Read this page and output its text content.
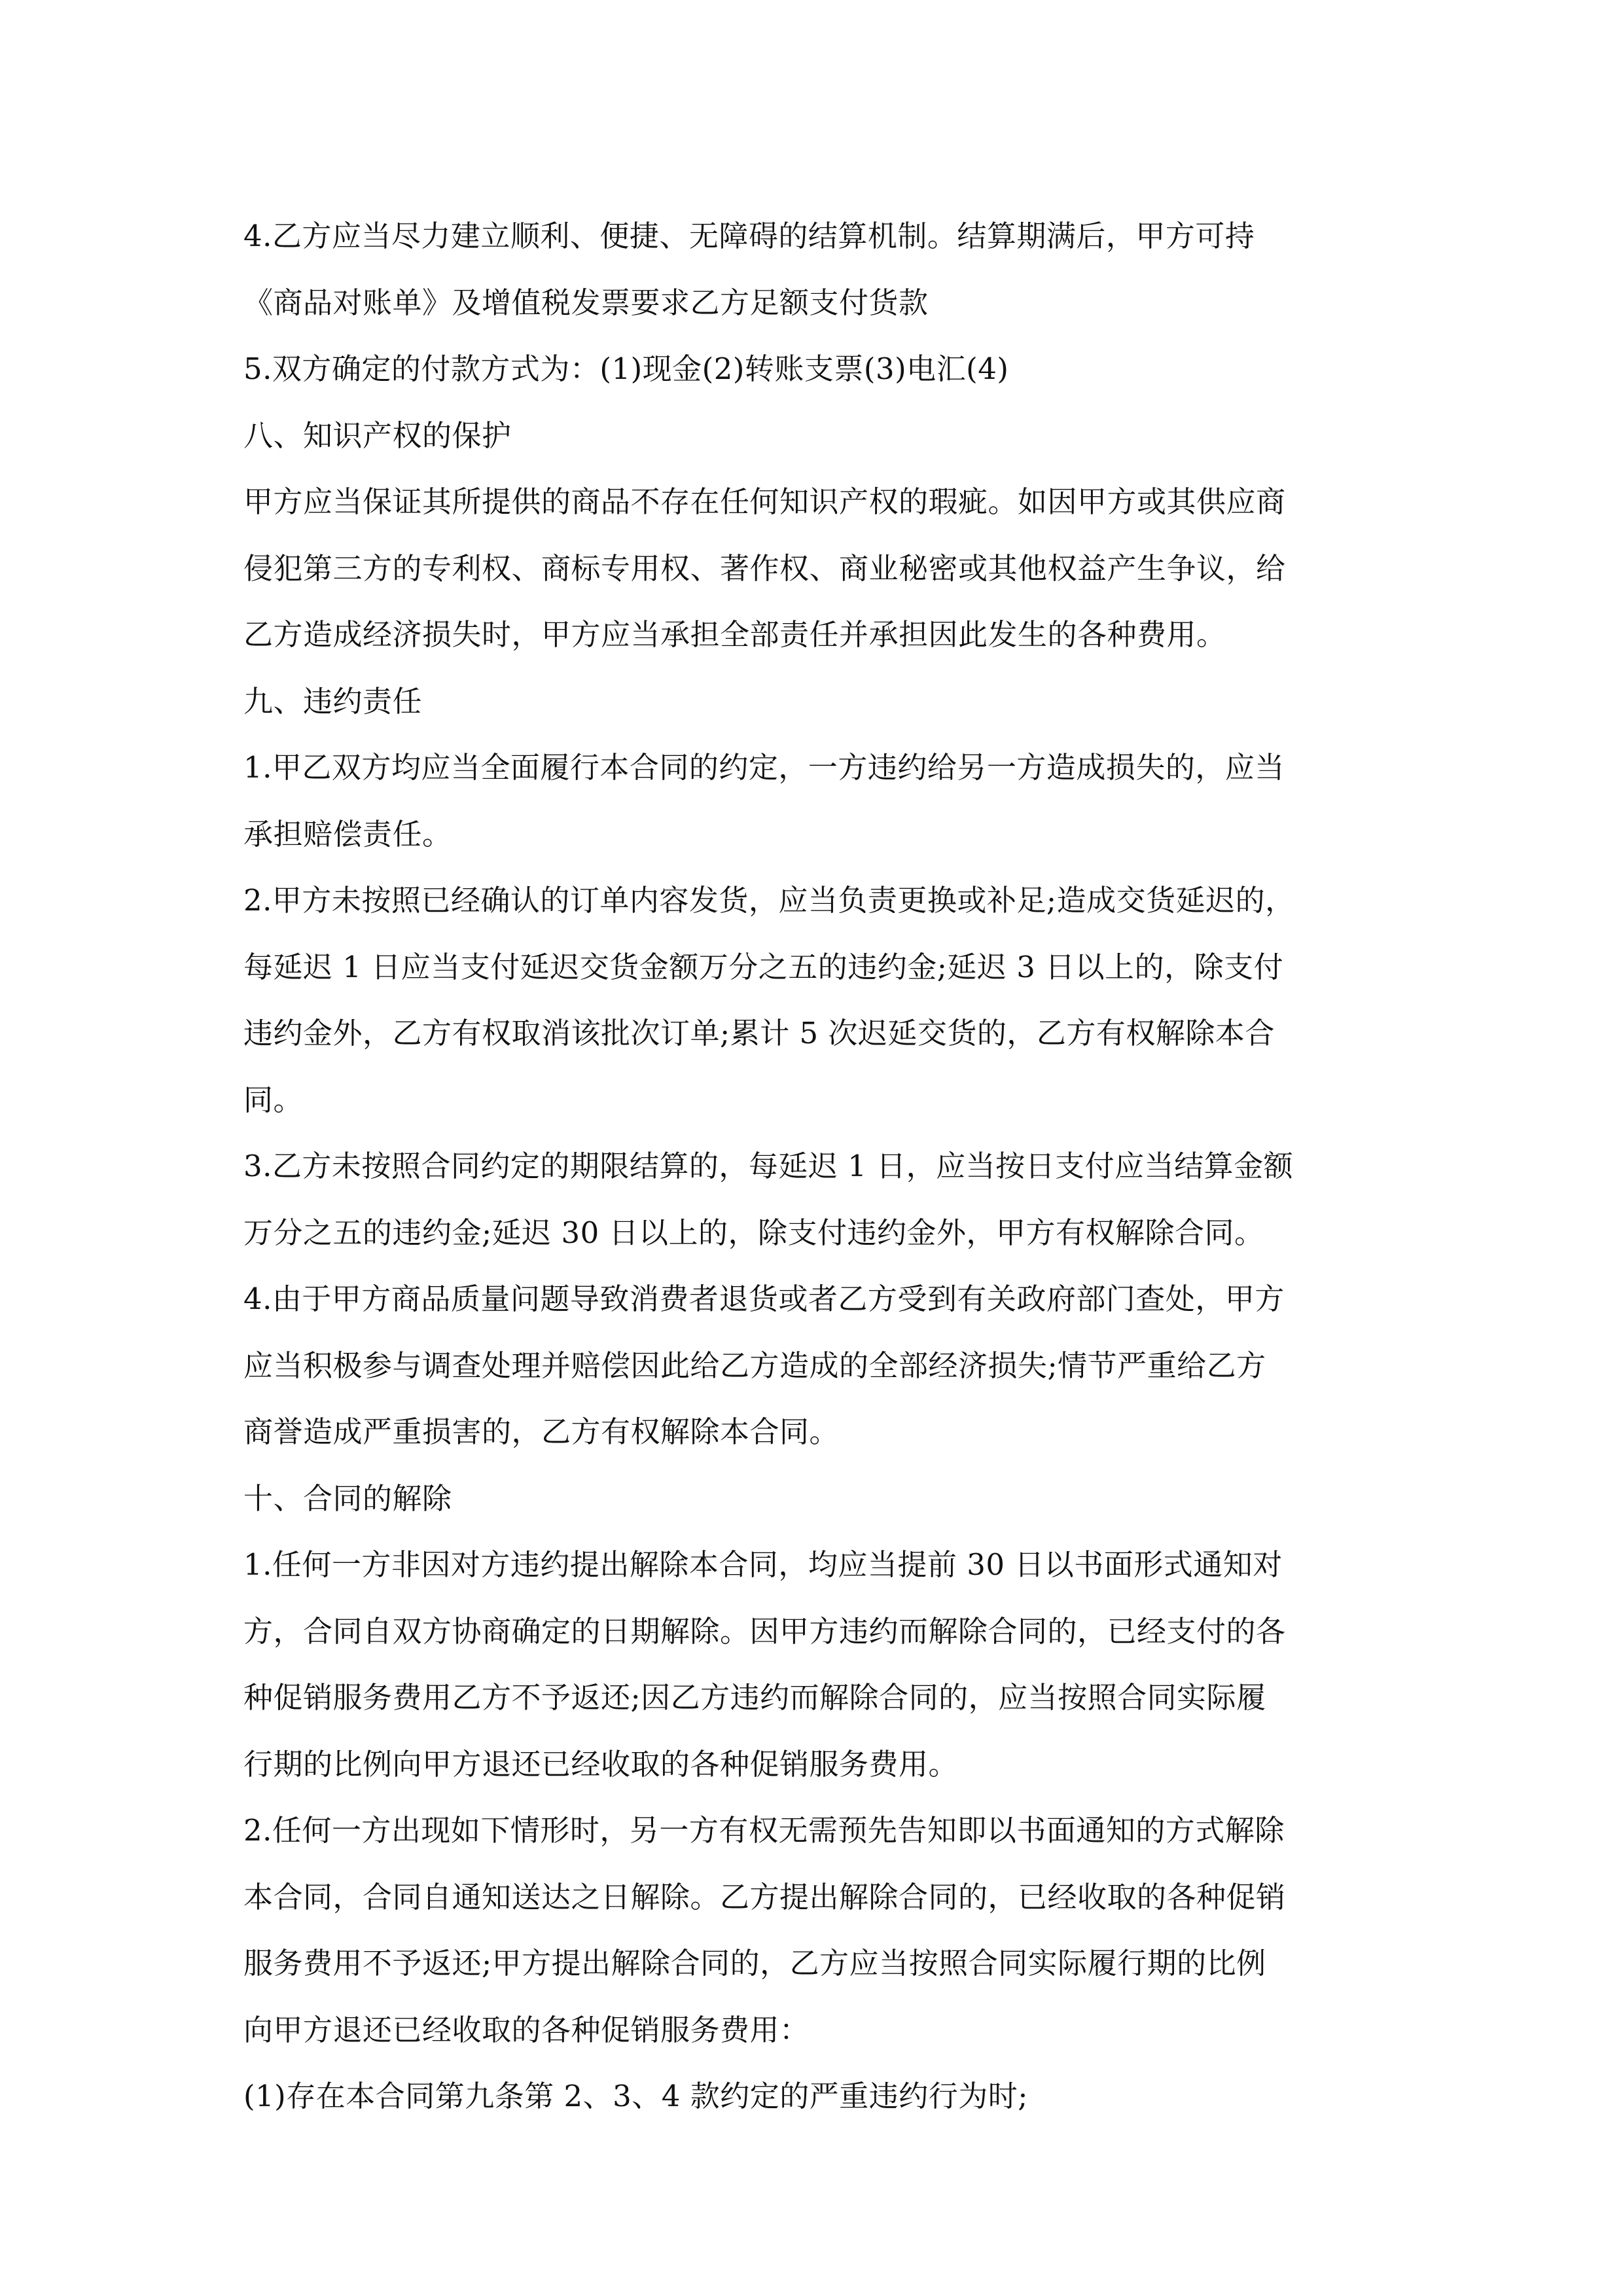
4.乙方应当尽力建立顺利、便捷、无障碍的结算机制。结算期满后，甲方可持
《商品对账单》及增值税发票要求乙方足额支付货款
5.双方确定的付款方式为：(1)现金(2)转账支票(3)电汇(4)
八、知识产权的保护
甲方应当保证其所提供的商品不存在任何知识产权的瑕疵。如因甲方或其供应商
侵犯第三方的专利权、商标专用权、著作权、商业秘密或其他权益产生争议，给
乙方造成经济损失时，甲方应当承担全部责任并承担因此发生的各种费用。
九、违约责任
1.甲乙双方均应当全面履行本合同的约定，一方违约给另一方造成损失的，应当
承担赔偿责任。
2.甲方未按照已经确认的订单内容发货，应当负责更换或补足;造成交货延迟的，
每延迟 1 日应当支付延迟交货金额万分之五的违约金;延迟 3 日以上的，除支付
违约金外，乙方有权取消该批次订单;累计 5 次迟延交货的，乙方有权解除本合
同。
3.乙方未按照合同约定的期限结算的，每延迟 1 日，应当按日支付应当结算金额
万分之五的违约金;延迟 30 日以上的，除支付违约金外，甲方有权解除合同。
4.由于甲方商品质量问题导致消费者退货或者乙方受到有关政府部门查处，甲方
应当积极参与调查处理并赔偿因此给乙方造成的全部经济损失;情节严重给乙方
商誉造成严重损害的，乙方有权解除本合同。
十、合同的解除
1.任何一方非因对方违约提出解除本合同，均应当提前 30 日以书面形式通知对
方，合同自双方协商确定的日期解除。因甲方违约而解除合同的，已经支付的各
种促销服务费用乙方不予返还;因乙方违约而解除合同的，应当按照合同实际履
行期的比例向甲方退还已经收取的各种促销服务费用。
2.任何一方出现如下情形时，另一方有权无需预先告知即以书面通知的方式解除
本合同，合同自通知送达之日解除。乙方提出解除合同的，已经收取的各种促销
服务费用不予返还;甲方提出解除合同的，乙方应当按照合同实际履行期的比例
向甲方退还已经收取的各种促销服务费用：
(1)存在本合同第九条第 2、3、4 款约定的严重违约行为时;
